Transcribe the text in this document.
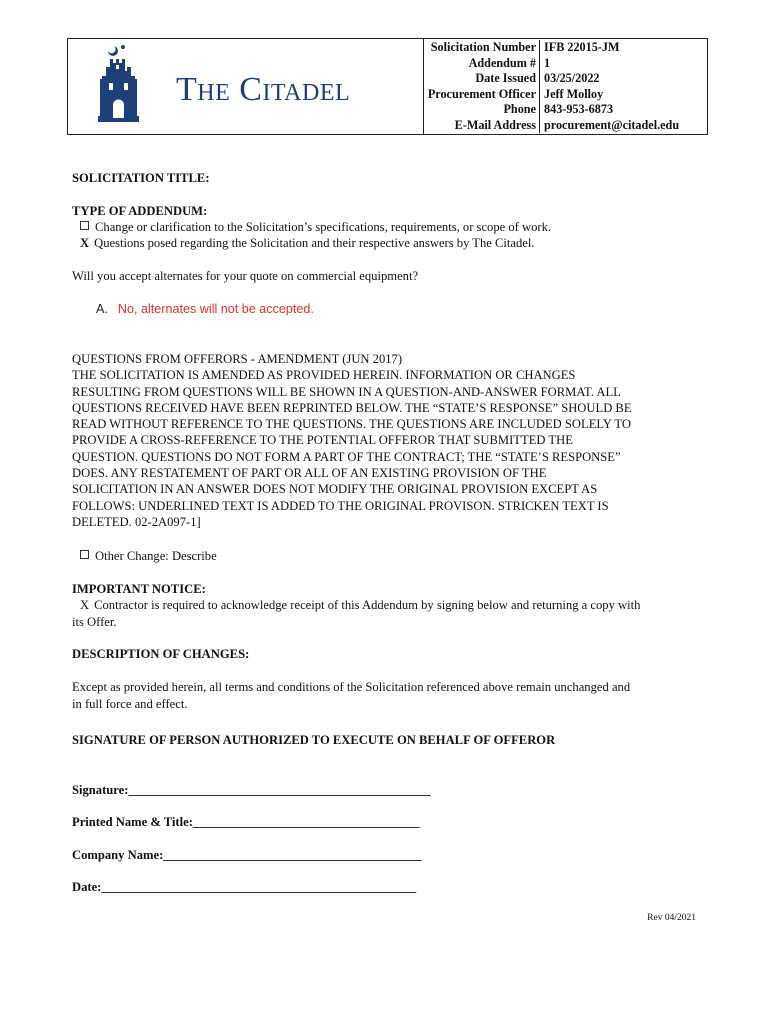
The Citadel
Solicitation Number IFB 22015-JM
Addendum # 1
Date Issued 03/25/2022
Procurement Officer Jeff Molloy
Phone 843-953-6873
E-Mail Address procurement@citadel.edu
SOLICITATION TITLE:
TYPE OF ADDENDUM:
Change or clarification to the Solicitation’s specifications, requirements, or scope of work.
X Questions posed regarding the Solicitation and their respective answers by The Citadel.
Will you accept alternates for your quote on commercial equipment?
A. No, alternates will not be accepted.
QUESTIONS FROM OFFERORS - AMENDMENT (JUN 2017)
THE SOLICITATION IS AMENDED AS PROVIDED HEREIN. INFORMATION OR CHANGES
RESULTING FROM QUESTIONS WILL BE SHOWN IN A QUESTION-AND-ANSWER FORMAT. ALL
QUESTIONS RECEIVED HAVE BEEN REPRINTED BELOW. THE “STATE’S RESPONSE” SHOULD BE
READ WITHOUT REFERENCE TO THE QUESTIONS. THE QUESTIONS ARE INCLUDED SOLELY TO
PROVIDE A CROSS-REFERENCE TO THE POTENTIAL OFFEROR THAT SUBMITTED THE
QUESTION. QUESTIONS DO NOT FORM A PART OF THE CONTRACT; THE “STATE’S RESPONSE”
DOES. ANY RESTATEMENT OF PART OR ALL OF AN EXISTING PROVISION OF THE
SOLICITATION IN AN ANSWER DOES NOT MODIFY THE ORIGINAL PROVISION EXCEPT AS
FOLLOWS: UNDERLINED TEXT IS ADDED TO THE ORIGINAL PROVISON. STRICKEN TEXT IS
DELETED. 02-2A097-1]
Other Change: Describe
IMPORTANT NOTICE:
X Contractor is required to acknowledge receipt of this Addendum by signing below and returning a copy with
its Offer.
DESCRIPTION OF CHANGES:
Except as provided herein, all terms and conditions of the Solicitation referenced above remain unchanged and
in full force and effect.
SIGNATURE OF PERSON AUTHORIZED TO EXECUTE ON BEHALF OF OFFEROR
Signature:________________________________________________
Printed Name & Title:____________________________________
Company Name:_________________________________________
Date:__________________________________________________
Rev 04/2021
